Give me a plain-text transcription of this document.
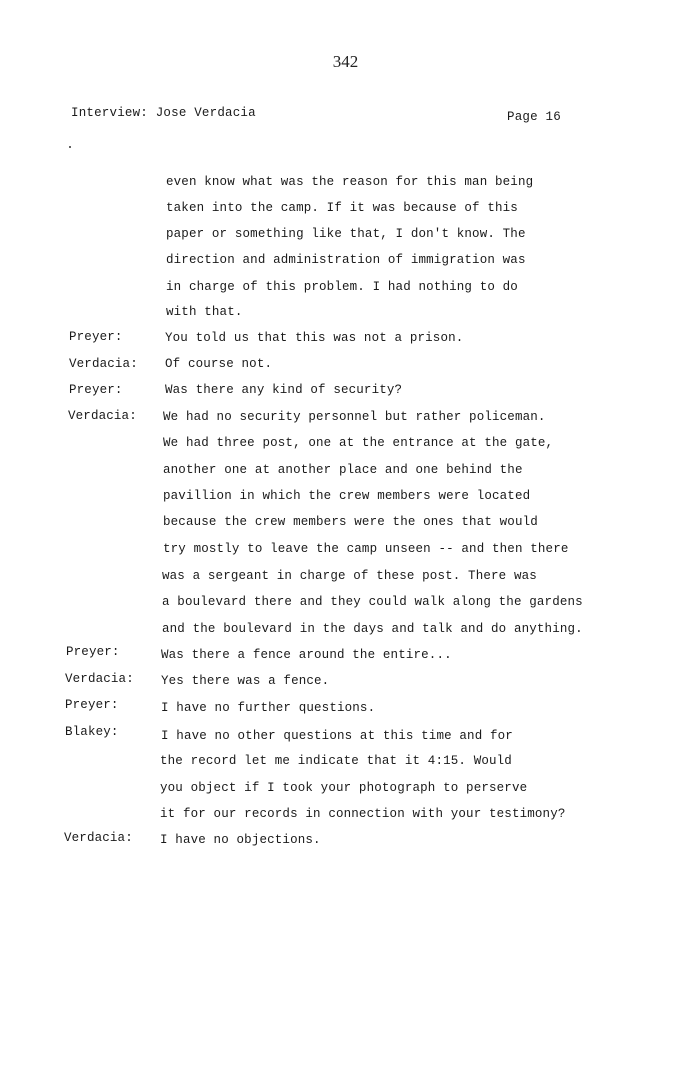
342
Interview: Jose Verdacia	Page 16
even know what was the reason for this man being
taken into the camp. If it was because of this
paper or something like that, I don't know. The
direction and administration of immigration was
in charge of this problem. I had nothing to do
with that.
Preyer:	You told us that this was not a prison.
Verdacia: Of course not.
Preyer:	Was there any kind of security?
Verdacia: We had no security personnel but rather policeman.
We had three post, one at the entrance at the gate,
another one at another place and one behind the
pavillion in which the crew members were located
because the crew members were the ones that would
try mostly to leave the camp unseen -- and then there
was a sergeant in charge of these post. There was
a boulevard there and they could walk along the gardens
and the boulevard in the days and talk and do anything.
Preyer:	Was there a fence around the entire...
Verdacia: Yes there was a fence.
Preyer:	I have no further questions.
Blakey:	I have no other questions at this time and for
the record let me indicate that it 4:15. Would
you object if I took your photograph to perserve
it for our records in connection with your testimony?
Verdacia: I have no objections.
